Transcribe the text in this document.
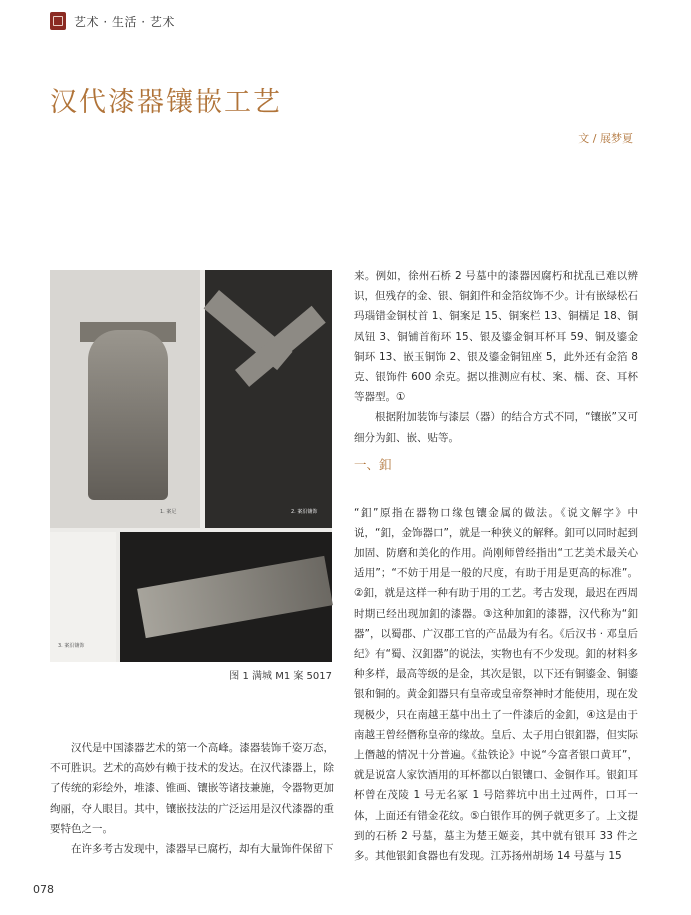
艺术 · 生活 · 艺术
汉代漆器镶嵌工艺
文 / 展梦夏
1. 案足	2. 案沿镶饰
3. 案沿镶饰
图 1 满城 M1 案 5017

汉代是中国漆器艺术的第一个高峰。漆器装饰千姿万态，不可胜识。艺术的高妙有赖于技术的发达。在汉代漆器上，除了传统的彩绘外，堆漆、锥画、镶嵌等诸技兼施，令器物更加绚丽，夺人眼目。其中，镶嵌技法的广泛运用是汉代漆器的重要特色之一。

在许多考古发现中，漆器早已腐朽，却有大量饰件保留下

来。例如，徐州石桥 2 号墓中的漆器因腐朽和扰乱已难以辨识，但残存的金、银、铜釦件和金箔纹饰不少。计有嵌绿松石玛瑙错金铜杖首 1、铜案足 15、铜案栏 13、铜檽足 18、铜凤钮 3、铜铺首衔环 15、银及鎏金铜耳杯耳 59、铜及鎏金铜环 13、嵌玉铜饰 2、银及鎏金铜钮座 5，此外还有金箔 8 克、银饰件 600 余克。据以推测应有杖、案、檽、奁、耳杯等器型。①

根据附加装饰与漆层（器）的结合方式不同，“镶嵌”又可细分为釦、嵌、贴等。

一、釦

“釦”原指在器物口缘包镶金属的做法。《说文解字》中说，“釦，金饰器口”，就是一种狭义的解释。釦可以同时起到加固、防磨和美化的作用。尚刚师曾经指出“工艺美术最关心适用”；“不妨于用是一般的尺度，有助于用是更高的标准”。②釦，就是这样一种有助于用的工艺。考古发现，最迟在西周时期已经出现加釦的漆器。③这种加釦的漆器，汉代称为“釦器”，以蜀郡、广汉郡工官的产品最为有名。《后汉书 · 邓皇后纪》有“蜀、汉釦器”的说法，实物也有不少发现。釦的材料多种多样，最高等级的是金，其次是银，以下还有铜鎏金、铜鎏银和铜的。黄金釦器只有皇帝或皇帝祭神时才能使用，现在发现极少，只在南越王墓中出土了一件漆后的金釦，④这是由于南越王曾经僭称皇帝的缘故。皇后、太子用白银釦器，但实际上僭越的情况十分普遍。《盐铁论》中说“今富者银口黄耳”，就是说富人家饮酒用的耳杯都以白银镶口、金铜作耳。银釦耳杯曾在茂陵 1 号无名冢 1 号陪葬坑中出土过两件，口耳一体，上面还有错金花纹。⑤白银作耳的例子就更多了。上文提到的石桥 2 号墓，墓主为楚王姬妾，其中就有银耳 33 件之多。其他银釦食器也有发现。江苏扬州胡场 14 号墓与 15

078
